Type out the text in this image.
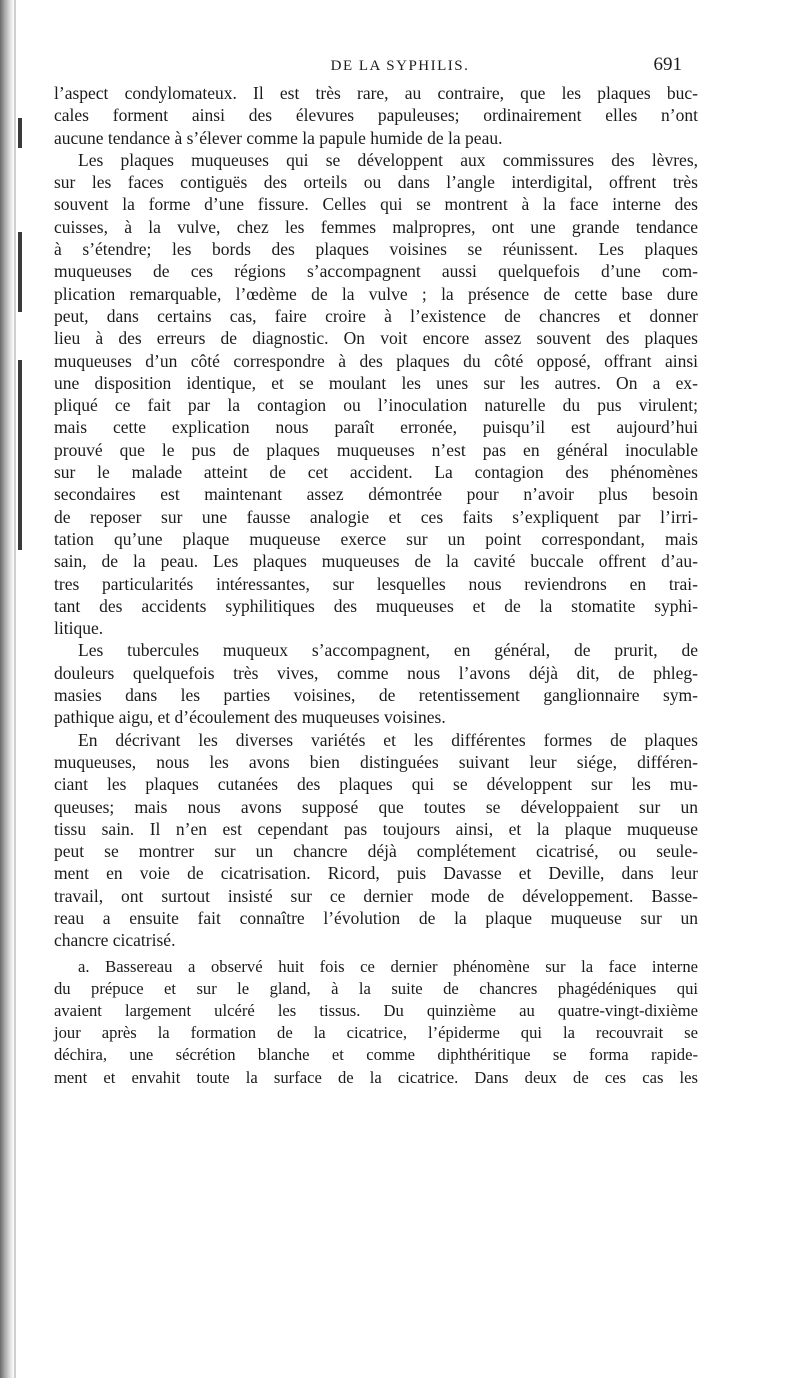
DE LA SYPHILIS.	691
l’aspect condylomateux. Il est très rare, au contraire, que les plaques buc-
cales forment ainsi des élevures papuleuses; ordinairement elles n’ont
aucune tendance à s’élever comme la papule humide de la peau.
Les plaques muqueuses qui se développent aux commissures des lèvres,
sur les faces contiguës des orteils ou dans l’angle interdigital, offrent très
souvent la forme d’une fissure. Celles qui se montrent à la face interne des
cuisses, à la vulve, chez les femmes malpropres, ont une grande tendance
à s’étendre; les bords des plaques voisines se réunissent. Les plaques
muqueuses de ces régions s’accompagnent aussi quelquefois d’une com-
plication remarquable, l’œdème de la vulve ; la présence de cette base dure
peut, dans certains cas, faire croire à l’existence de chancres et donner
lieu à des erreurs de diagnostic. On voit encore assez souvent des plaques
muqueuses d’un côté correspondre à des plaques du côté opposé, offrant ainsi
une disposition identique, et se moulant les unes sur les autres. On a ex-
pliqué ce fait par la contagion ou l’inoculation naturelle du pus virulent;
mais cette explication nous paraît erronée, puisqu’il est aujourd’hui
prouvé que le pus de plaques muqueuses n’est pas en général inoculable
sur le malade atteint de cet accident. La contagion des phénomènes
secondaires est maintenant assez démontrée pour n’avoir plus besoin
de reposer sur une fausse analogie et ces faits s’expliquent par l’irri-
tation qu’une plaque muqueuse exerce sur un point correspondant, mais
sain, de la peau. Les plaques muqueuses de la cavité buccale offrent d’au-
tres particularités intéressantes, sur lesquelles nous reviendrons en trai-
tant des accidents syphilitiques des muqueuses et de la stomatite syphi-
litique.
Les tubercules muqueux s’accompagnent, en général, de prurit, de
douleurs quelquefois très vives, comme nous l’avons déjà dit, de phleg-
masies dans les parties voisines, de retentissement ganglionnaire sym-
pathique aigu, et d’écoulement des muqueuses voisines.
En décrivant les diverses variétés et les différentes formes de plaques
muqueuses, nous les avons bien distinguées suivant leur siége, différen-
ciant les plaques cutanées des plaques qui se développent sur les mu-
queuses; mais nous avons supposé que toutes se développaient sur un
tissu sain. Il n’en est cependant pas toujours ainsi, et la plaque muqueuse
peut se montrer sur un chancre déjà complétement cicatrisé, ou seule-
ment en voie de cicatrisation. Ricord, puis Davasse et Deville, dans leur
travail, ont surtout insisté sur ce dernier mode de développement. Basse-
reau a ensuite fait connaître l’évolution de la plaque muqueuse sur un
chancre cicatrisé.
a. Bassereau a observé huit fois ce dernier phénomène sur la face interne
du prépuce et sur le gland, à la suite de chancres phagédéniques qui
avaient largement ulcéré les tissus. Du quinzième au quatre-vingt-dixième
jour après la formation de la cicatrice, l’épiderme qui la recouvrait se
déchira, une sécrétion blanche et comme diphthéritique se forma rapide-
ment et envahit toute la surface de la cicatrice. Dans deux de ces cas les
